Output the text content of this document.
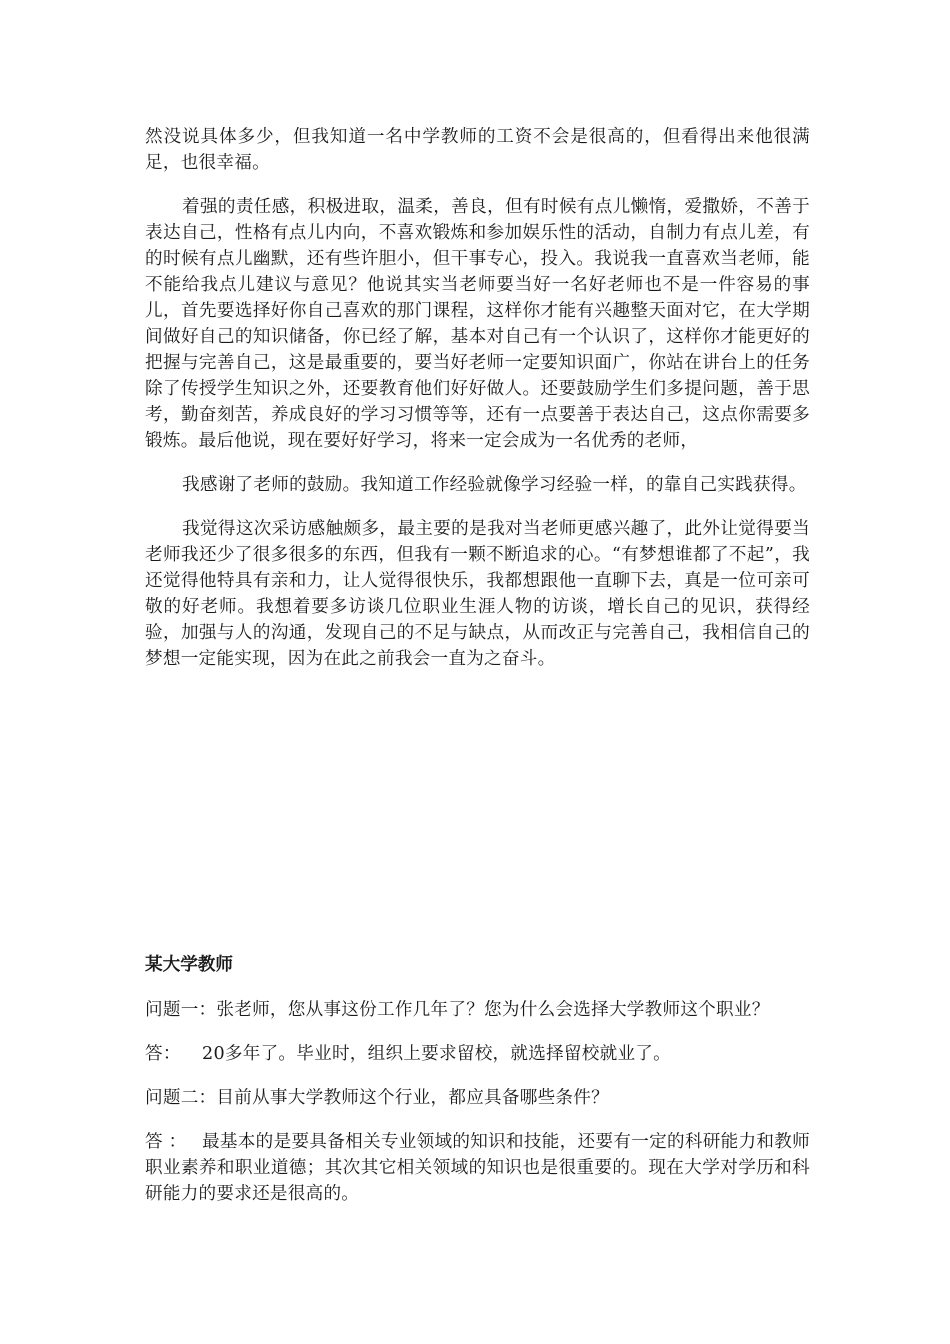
然没说具体多少，但我知道一名中学教师的工资不会是很高的，但看得出来他很满足，也很幸福。

着强的责任感，积极进取，温柔，善良，但有时候有点儿懒惰，爱撒娇，不善于表达自己，性格有点儿内向，不喜欢锻炼和参加娱乐性的活动，自制力有点儿差，有的时候有点儿幽默，还有些许胆小，但干事专心，投入。我说我一直喜欢当老师，能不能给我点儿建议与意见？他说其实当老师要当好一名好老师也不是一件容易的事儿，首先要选择好你自己喜欢的那门课程，这样你才能有兴趣整天面对它，在大学期间做好自己的知识储备，你已经了解，基本对自己有一个认识了，这样你才能更好的把握与完善自己，这是最重要的，要当好老师一定要知识面广，你站在讲台上的任务除了传授学生知识之外，还要教育他们好好做人。还要鼓励学生们多提问题，善于思考，勤奋刻苦，养成良好的学习习惯等等，还有一点要善于表达自己，这点你需要多锻炼。最后他说，现在要好好学习，将来一定会成为一名优秀的老师，

我感谢了老师的鼓励。我知道工作经验就像学习经验一样，的靠自己实践获得。

我觉得这次采访感触颇多，最主要的是我对当老师更感兴趣了，此外让觉得要当老师我还少了很多很多的东西，但我有一颗不断追求的心。“有梦想谁都了不起”，我还觉得他特具有亲和力，让人觉得很快乐，我都想跟他一直聊下去，真是一位可亲可敬的好老师。我想着要多访谈几位职业生涯人物的访谈，增长自己的见识，获得经验，加强与人的沟通，发现自己的不足与缺点，从而改正与完善自己，我相信自己的梦想一定能实现，因为在此之前我会一直为之奋斗。

某大学教师

问题一：张老师，您从事这份工作几年了？您为什么会选择大学教师这个职业？

答： 20多年了。毕业时，组织上要求留校，就选择留校就业了。

问题二：目前从事大学教师这个行业，都应具备哪些条件？

答 ： 最基本的是要具备相关专业领域的知识和技能，还要有一定的科研能力和教师职业素养和职业道德；其次其它相关领域的知识也是很重要的。现在大学对学历和科研能力的要求还是很高的。
